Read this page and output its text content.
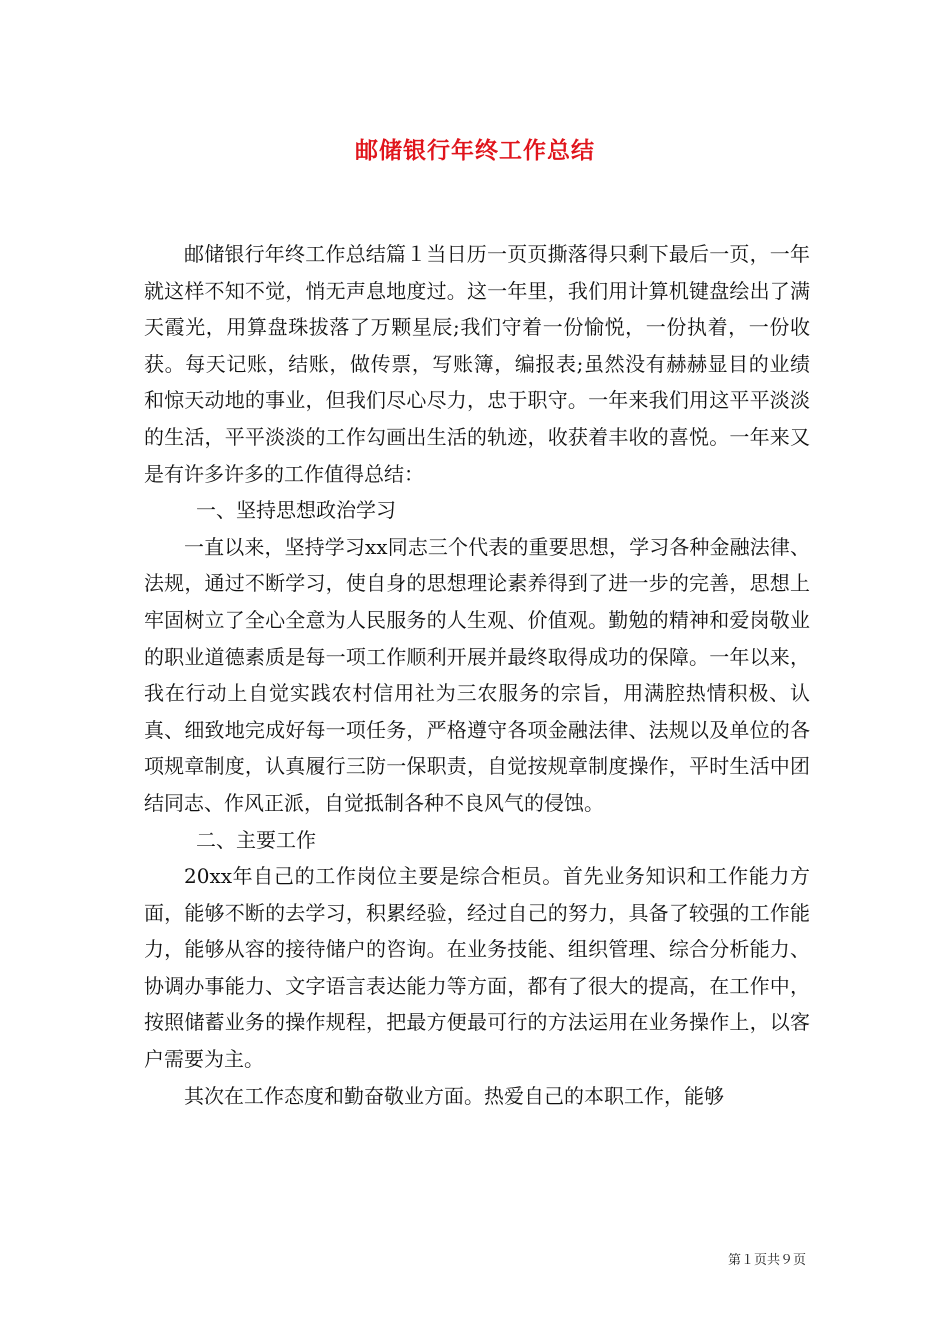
邮储银行年终工作总结

邮储银行年终工作总结篇１当日历一页页撕落得只剩下最后一页，一年就这样不知不觉，悄无声息地度过。这一年里，我们用计算机键盘绘出了满天霞光，用算盘珠拔落了万颗星辰;我们守着一份愉悦，一份执着，一份收获。每天记账，结账，做传票，写账簿，编报表;虽然没有赫赫显目的业绩和惊天动地的事业，但我们尽心尽力，忠于职守。一年来我们用这平平淡淡的生活，平平淡淡的工作勾画出生活的轨迹，收获着丰收的喜悦。一年来又是有许多许多的工作值得总结：

一、坚持思想政治学习

一直以来，坚持学习xx同志三个代表的重要思想，学习各种金融法律、法规，通过不断学习，使自身的思想理论素养得到了进一步的完善，思想上牢固树立了全心全意为人民服务的人生观、价值观。勤勉的精神和爱岗敬业的职业道德素质是每一项工作顺利开展并最终取得成功的保障。一年以来，我在行动上自觉实践农村信用社为三农服务的宗旨，用满腔热情积极、认真、细致地完成好每一项任务，严格遵守各项金融法律、法规以及单位的各项规章制度，认真履行三防一保职责，自觉按规章制度操作，平时生活中团结同志、作风正派，自觉抵制各种不良风气的侵蚀。

二、主要工作

20xx年自己的工作岗位主要是综合柜员。首先业务知识和工作能力方面，能够不断的去学习，积累经验，经过自己的努力，具备了较强的工作能力，能够从容的接待储户的咨询。在业务技能、组织管理、综合分析能力、协调办事能力、文字语言表达能力等方面，都有了很大的提高，在工作中，按照储蓄业务的操作规程，把最方便最可行的方法运用在业务操作上，以客户需要为主。

其次在工作态度和勤奋敬业方面。热爱自己的本职工作，能够

第１页共９页
